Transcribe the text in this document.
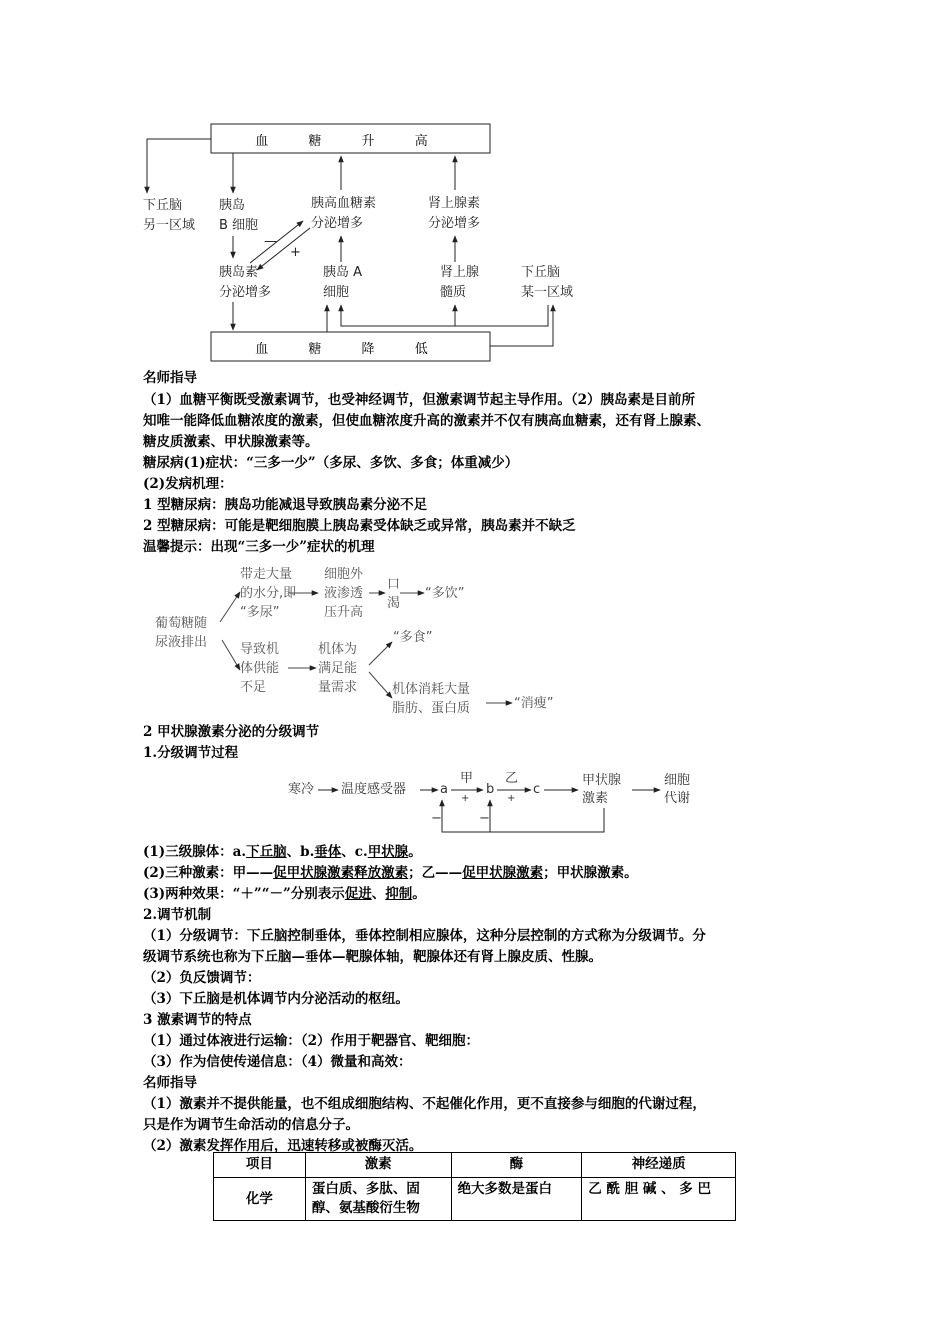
血 糖 升 高
血 糖 降 低
下丘脑
另一区域
胰岛
B 细胞
胰高血糖素
分泌增多
肾上腺素
分泌增多
—
+
胰岛素
分泌增多
胰岛 A
细胞
肾上腺
髓质
下丘脑
某一区域
名师指导
（1）血糖平衡既受激素调节，也受神经调节，但激素调节起主导作用。（2）胰岛素是目前所
知唯一能降低血糖浓度的激素，但使血糖浓度升高的激素并不仅有胰高血糖素，还有肾上腺素、
糖皮质激素、甲状腺激素等。
糖尿病(1)症状：“三多一少”（多尿、多饮、多食；体重减少）
(2)发病机理：
1 型糖尿病：胰岛功能减退导致胰岛素分泌不足
2 型糖尿病：可能是靶细胞膜上胰岛素受体缺乏或异常，胰岛素并不缺乏
温馨提示：出现“三多一少”症状的机理
葡萄糖随
尿液排出
带走大量
的水分,即
“多尿”
细胞外
液渗透
压升高
口
渴
“多饮”
导致机
体供能
不足
机体为
满足能
量需求
“多食”
机体消耗大量
脂肪、蛋白质	“消瘦”
2 甲状腺激素分泌的分级调节
1.分级调节过程
寒冷 温度感受器	a
甲
+
b
乙
+
c
甲状腺
激素
细胞
代谢
−	−
(1)三级腺体：a.下丘脑、b.垂体、c.甲状腺。
(2)三种激素：甲——促甲状腺激素释放激素；乙——促甲状腺激素；甲状腺激素。
(3)两种效果：“＋”“－”分别表示促进、抑制。
2.调节机制
（1）分级调节：下丘脑控制垂体，垂体控制相应腺体，这种分层控制的方式称为分级调节。分
级调节系统也称为下丘脑—垂体—靶腺体轴，靶腺体还有肾上腺皮质、性腺。
（2）负反馈调节：
（3）下丘脑是机体调节内分泌活动的枢纽。
3 激素调节的特点
（1）通过体液进行运输：（2）作用于靶器官、靶细胞：
（3）作为信使传递信息：（4）微量和高效：
名师指导
（1）激素并不提供能量，也不组成细胞结构、不起催化作用，更不直接参与细胞的代谢过程，
只是作为调节生命活动的信息分子。
（2）激素发挥作用后，迅速转移或被酶灭活。
项目	激素	酶	神经递质
化学	蛋白质、多肽、固醇、氨基酸衍生物	绝大多数是蛋白	乙 酰 胆 碱 、 多 巴
